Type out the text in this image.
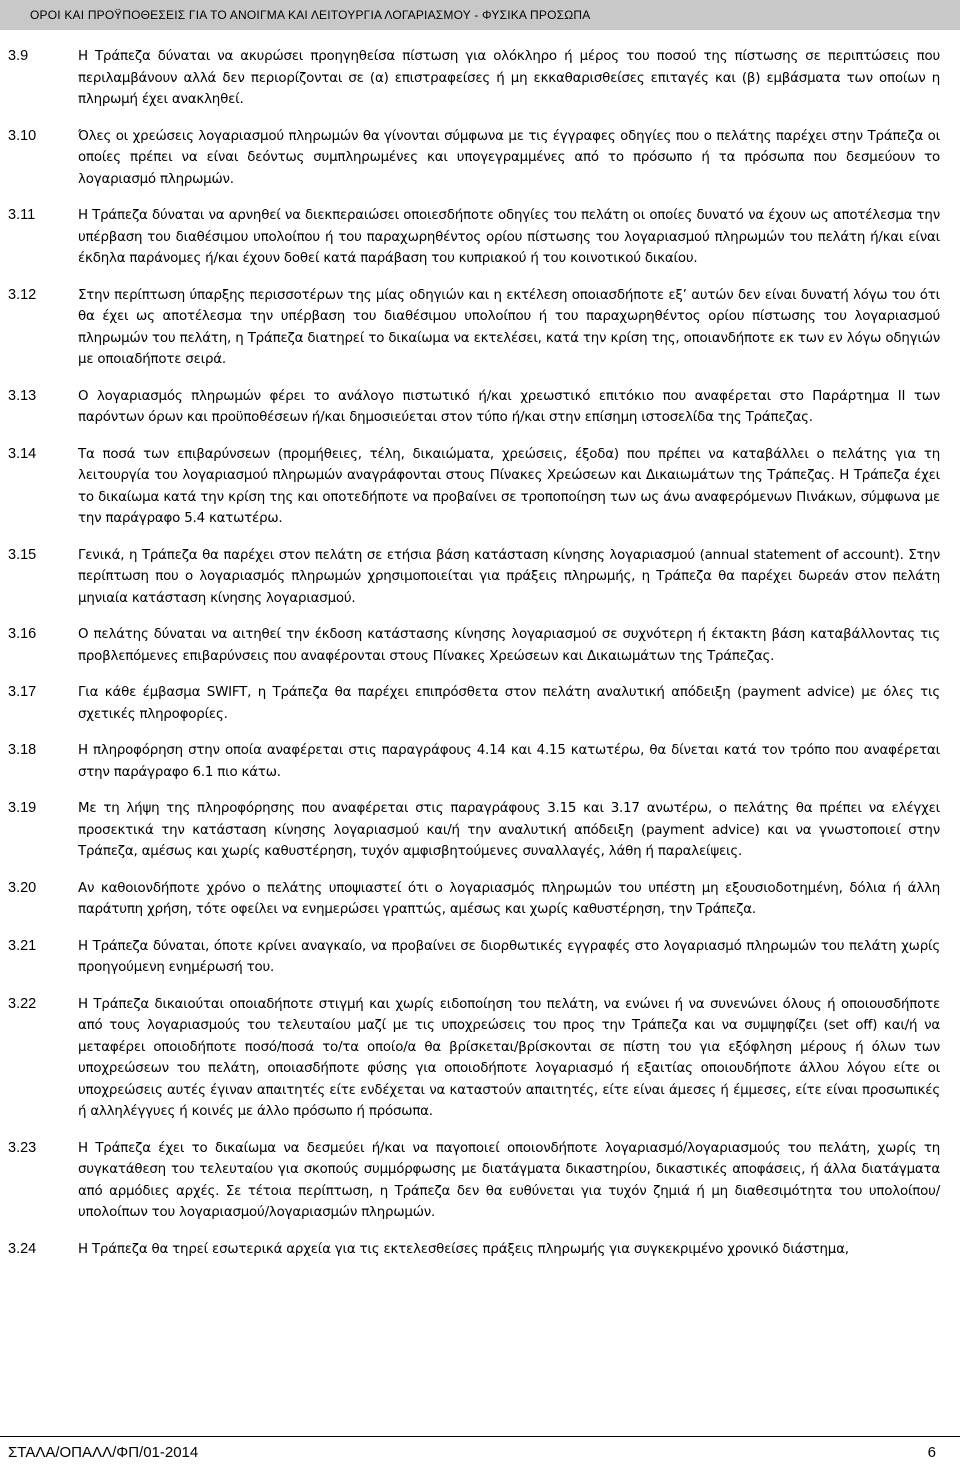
ΟΡΟΙ ΚΑΙ ΠΡΟΫΠΟΘΕΣΕΙΣ ΓΙΑ ΤΟ ΑΝΟΙΓΜΑ ΚΑΙ ΛΕΙΤΟΥΡΓΙΑ ΛΟΓΑΡΙΑΣΜΟΥ - ΦΥΣΙΚΑ ΠΡΟΣΩΠΑ
3.9	Η Τράπεζα δύναται να ακυρώσει προηγηθείσα πίστωση για ολόκληρο ή μέρος του ποσού της πίστωσης σε περιπτώσεις που περιλαμβάνουν αλλά δεν περιορίζονται σε (α) επιστραφείσες ή μη εκκαθαρισθείσες επιταγές και (β) εμβάσματα των οποίων η πληρωμή έχει ανακληθεί.
3.10	Όλες οι χρεώσεις λογαριασμού πληρωμών θα γίνονται σύμφωνα με τις έγγραφες οδηγίες που ο πελάτης παρέχει στην Τράπεζα οι οποίες πρέπει να είναι δεόντως συμπληρωμένες και υπογεγραμμένες από το πρόσωπο ή τα πρόσωπα που δεσμεύουν το λογαριασμό πληρωμών.
3.11	Η Τράπεζα δύναται να αρνηθεί να διεκπεραιώσει οποιεσδήποτε οδηγίες του πελάτη οι οποίες δυνατό να έχουν ως αποτέλεσμα την υπέρβαση του διαθέσιμου υπολοίπου ή του παραχωρηθέντος ορίου πίστωσης του λογαριασμού πληρωμών του πελάτη ή/και είναι έκδηλα παράνομες ή/και έχουν δοθεί κατά παράβαση του κυπριακού ή του κοινοτικού δικαίου.
3.12	Στην περίπτωση ύπαρξης περισσοτέρων της μίας οδηγιών και η εκτέλεση οποιασδήποτε εξ’ αυτών δεν είναι δυνατή λόγω του ότι θα έχει ως αποτέλεσμα την υπέρβαση του διαθέσιμου υπολοίπου ή του παραχωρηθέντος ορίου πίστωσης του λογαριασμού πληρωμών του πελάτη, η Τράπεζα διατηρεί το δικαίωμα να εκτελέσει, κατά την κρίση της, οποιανδήποτε εκ των εν λόγω οδηγιών με οποιαδήποτε σειρά.
3.13	Ο λογαριασμός πληρωμών φέρει το ανάλογο πιστωτικό ή/και χρεωστικό επιτόκιο που αναφέρεται στο Παράρτημα ΙΙ των παρόντων όρων και προϋποθέσεων ή/και δημοσιεύεται στον τύπο ή/και στην επίσημη ιστοσελίδα της Τράπεζας.
3.14	Τα ποσά των επιβαρύνσεων (προμήθειες, τέλη, δικαιώματα, χρεώσεις, έξοδα) που πρέπει να καταβάλλει ο πελάτης για τη λειτουργία του λογαριασμού πληρωμών αναγράφονται στους Πίνακες Χρεώσεων και Δικαιωμάτων της Τράπεζας. Η Τράπεζα έχει το δικαίωμα κατά την κρίση της και οποτεδήποτε να προβαίνει σε τροποποίηση των ως άνω αναφερόμενων Πινάκων, σύμφωνα με την παράγραφο 5.4 κατωτέρω.
3.15	Γενικά, η Τράπεζα θα παρέχει στον πελάτη σε ετήσια βάση κατάσταση κίνησης λογαριασμού (annual statement of account). Στην περίπτωση που ο λογαριασμός πληρωμών χρησιμοποιείται για πράξεις πληρωμής, η Τράπεζα θα παρέχει δωρεάν στον πελάτη μηνιαία κατάσταση κίνησης λογαριασμού.
3.16	Ο πελάτης δύναται να αιτηθεί την έκδοση κατάστασης κίνησης λογαριασμού σε συχνότερη ή έκτακτη βάση καταβάλλοντας τις προβλεπόμενες επιβαρύνσεις που αναφέρονται στους Πίνακες Χρεώσεων και Δικαιωμάτων της Τράπεζας.
3.17	Για κάθε έμβασμα SWIFT, η Τράπεζα θα παρέχει επιπρόσθετα στον πελάτη αναλυτική απόδειξη (payment advice) με όλες τις σχετικές πληροφορίες.
3.18	Η πληροφόρηση στην οποία αναφέρεται στις παραγράφους 4.14 και 4.15 κατωτέρω, θα δίνεται κατά τον τρόπο που αναφέρεται στην παράγραφο 6.1 πιο κάτω.
3.19	Με τη λήψη της πληροφόρησης που αναφέρεται στις παραγράφους 3.15 και 3.17 ανωτέρω, ο πελάτης θα πρέπει να ελέγχει προσεκτικά την κατάσταση κίνησης λογαριασμού και/ή την αναλυτική απόδειξη (payment advice) και να γνωστοποιεί στην Τράπεζα, αμέσως και χωρίς καθυστέρηση, τυχόν αμφισβητούμενες συναλλαγές, λάθη ή παραλείψεις.
3.20	Αν καθοιονδήποτε χρόνο ο πελάτης υποψιαστεί ότι ο λογαριασμός πληρωμών του υπέστη μη εξουσιοδοτημένη, δόλια ή άλλη παράτυπη χρήση, τότε οφείλει να ενημερώσει γραπτώς, αμέσως και χωρίς καθυστέρηση, την Τράπεζα.
3.21	Η Τράπεζα δύναται, όποτε κρίνει αναγκαίο, να προβαίνει σε διορθωτικές εγγραφές στο λογαριασμό πληρωμών του πελάτη χωρίς προηγούμενη ενημέρωσή του.
3.22	Η Τράπεζα δικαιούται οποιαδήποτε στιγμή και χωρίς ειδοποίηση του πελάτη, να ενώνει ή να συνενώνει όλους ή οποιουσδήποτε από τους λογαριασμούς του τελευταίου μαζί με τις υποχρεώσεις του προς την Τράπεζα και να συμψηφίζει (set off) και/ή να μεταφέρει οποιοδήποτε ποσό/ποσά το/τα οποίο/α θα βρίσκεται/βρίσκονται σε πίστη του για εξόφληση μέρους ή όλων των υποχρεώσεων του πελάτη, οποιασδήποτε φύσης για οποιοδήποτε λογαριασμό ή εξαιτίας οποιουδήποτε άλλου λόγου είτε οι υποχρεώσεις αυτές έγιναν απαιτητές είτε ενδέχεται να καταστούν απαιτητές, είτε είναι άμεσες ή έμμεσες, είτε είναι προσωπικές ή αλληλέγγυες ή κοινές με άλλο πρόσωπο ή πρόσωπα.
3.23	Η Τράπεζα έχει το δικαίωμα να δεσμεύει ή/και να παγοποιεί οποιονδήποτε λογαριασμό/λογαριασμούς του πελάτη, χωρίς τη συγκατάθεση του τελευταίου για σκοπούς συμμόρφωσης με διατάγματα δικαστηρίου, δικαστικές αποφάσεις, ή άλλα διατάγματα από αρμόδιες αρχές. Σε τέτοια περίπτωση, η Τράπεζα δεν θα ευθύνεται για τυχόν ζημιά ή μη διαθεσιμότητα του υπολοίπου/υπολοίπων του λογαριασμού/λογαριασμών πληρωμών.
3.24	Η Τράπεζα θα τηρεί εσωτερικά αρχεία για τις εκτελεσθείσες πράξεις πληρωμής για συγκεκριμένο χρονικό διάστημα,
ΣΤΑΛΑ/ΟΠΑΛΛ/ΦΠ/01-2014	6
